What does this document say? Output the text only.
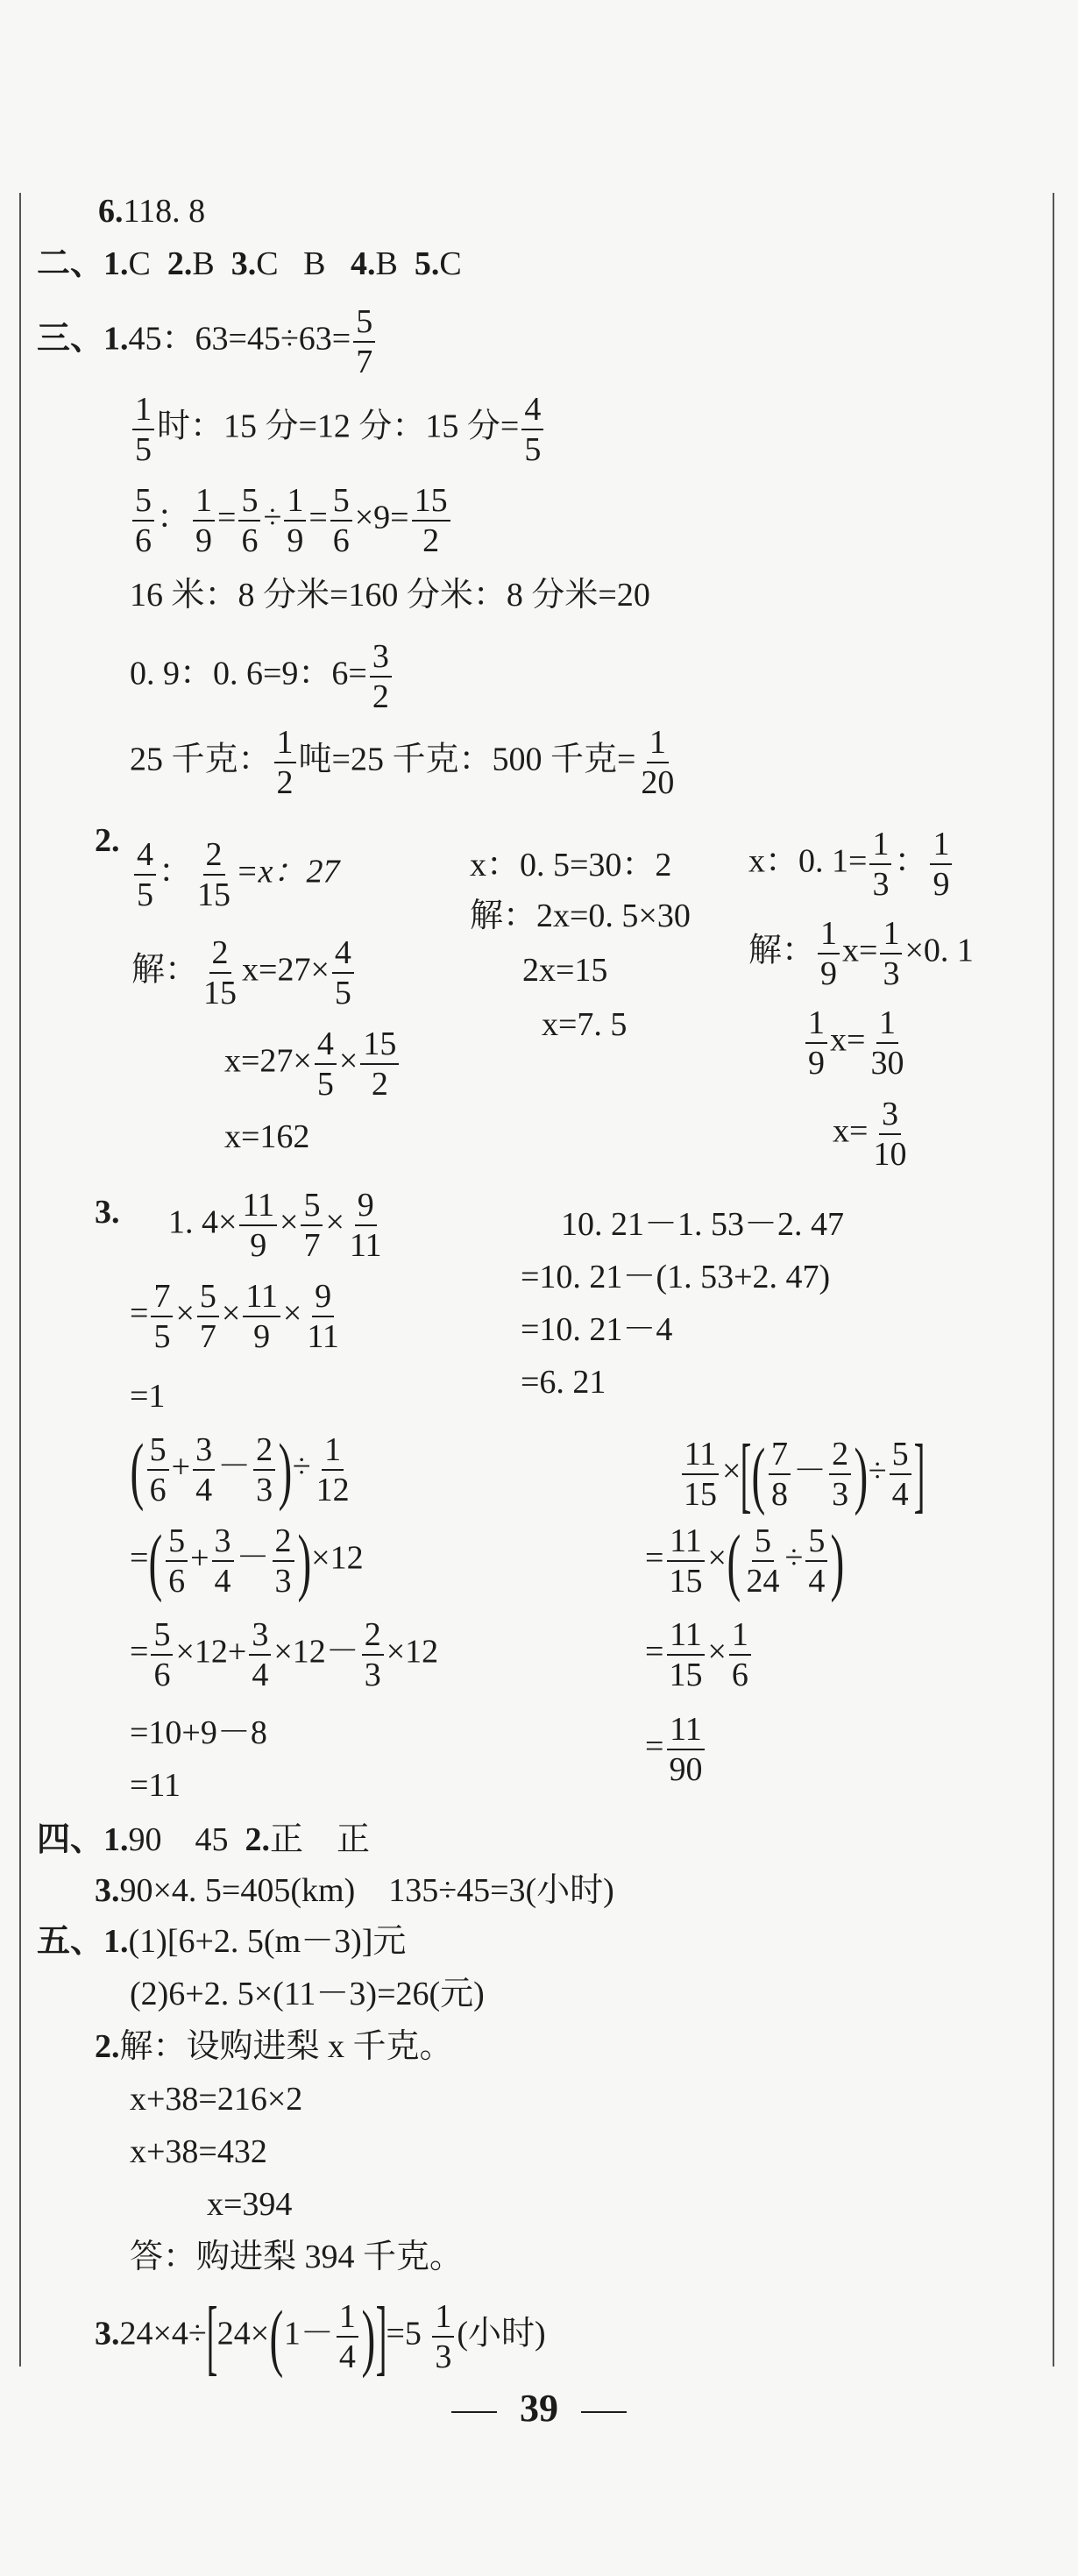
6.118. 8
二、1.C 2.B 3.C B 4.B 5.C
三、1.45：$63=45\div 63= \frac{5}{7}$
$\frac{1}{5}$ 时：15 分=12 分：15 分= $\frac{4}{5}$
$\frac{5}{6}$ ： $\frac{1}{9} = \frac{5}{6} \div \frac{1}{9} = \frac{5}{6} \times 9= \frac{15}{2}$
16 米：8 分米=160 分米：8 分米=20
0. 9：0. 6=9：$6= \frac{3}{2}$
25 千克： $\frac{1}{2}$ 吨=25 千克：500 千克= $\frac{1}{20}$
2. $\frac{4}{5}$ ： $\frac{2}{15} =x$：27
解： $\frac{2}{15} x=27\times \frac{4}{5}$
$x=27\times \frac{4}{5} \times \frac{15}{2}$
x=162
x：0. 5=30：2
解：2x=0. 5×30
2x=15
x=7. 5
x：0. $1= \frac{1}{3}$ ： $\frac{1}{9}$
解： $\frac{1}{9} x= \frac{1}{3} \times 0$. 1
$\frac{1}{9} x= \frac{1}{30}$
$x= \frac{3}{10}$
3. 1. $4\times \frac{11}{9} \times \frac{5}{7} \times \frac{9}{11}$
= $\frac{7}{5} \times \frac{5}{7} \times \frac{11}{9} \times \frac{9}{11}$
=1
10. 21－1. 53－2. 47
=10. 21－(1. 53+2. 47)
=10. 21－4
=6. 21
( $\frac{5}{6} + \frac{3}{4} - \frac{2}{3}$ )÷ $\frac{1}{12}$
=( $\frac{5}{6} + \frac{3}{4} - \frac{2}{3} )\times 12$
= $\frac{5}{6} \times 12+ \frac{3}{4} \times 12- \frac{2}{3} \times 12$
=10+9－8
=11
$\frac{11}{15}$ ×[( $\frac{7}{8} - \frac{2}{3}$ )÷ $\frac{5}{4}$ ]
= $\frac{11}{15}$ ×( $\frac{5}{24} \div \frac{5}{4}$ )
= $\frac{11}{15} \times \frac{1}{6}$
= $\frac{11}{90}$
四、1.90　45 2.正　正
3.90×4. 5=405(km)　135÷45=3(小时)
五、1.(1)[6+2. 5(m－3)]元
(2)6+2. 5×(11－3)=26(元)
2.解：设购进梨 x 千克。
x+38=216×2
x+38=432
x=394
答：购进梨 394 千克。
$3.24\times 4\div[24\times(1- \frac{1}{4} )]=5 \frac{1}{3}$ (小时)
39
